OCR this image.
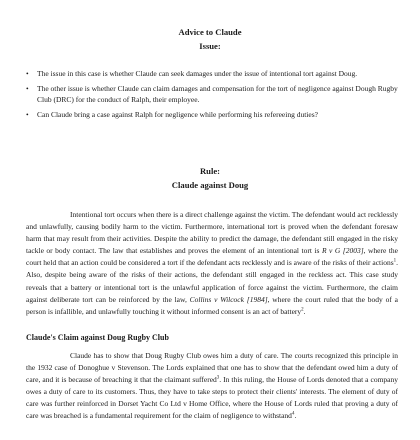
Advice to Claude
Issue:
• The issue in this case is whether Claude can seek damages under the issue of intentional tort against Doug.
• The other issue is whether Claude can claim damages and compensation for the tort of negligence against Dough Rugby Club (DRC) for the conduct of Ralph, their employee.
• Can Claude bring a case against Ralph for negligence while performing his refereeing duties?
Rule:
Claude against Doug

Intentional tort occurs when there is a direct challenge against the victim. The defendant would act recklessly and unlawfully, causing bodily harm to the victim. Furthermore, international tort is proved when the defendant foresaw harm that may result from their activities. Despite the ability to predict the damage, the defendant still engaged in the risky tackle or body contact. The law that establishes and proves the element of an intentional tort is R v G [2003], where the court held that an action could be considered a tort if the defendant acts recklessly and is aware of the risks of their actions$^1$. Also, despite being aware of the risks of their actions, the defendant still engaged in the reckless act. This case study reveals that a battery or intentional tort is the unlawful application of force against the victim. Furthermore, the claim against deliberate tort can be reinforced by the law, Collins v Wilcock [1984], where the court ruled that the body of a person is infallible, and unlawfully touching it without informed consent is an act of battery$^2$.

Claude's Claim against Doug Rugby Club

Claude has to show that Doug Rugby Club owes him a duty of care. The courts recognized this principle in the 1932 case of Donoghue v Stevenson. The Lords explained that one has to show that the defendant owed him a duty of care, and it is because of breaching it that the claimant suffered$^3$. In this ruling, the House of Lords denoted that a company owes a duty of care to its customers. Thus, they have to take steps to protect their clients' interests. The element of duty of care was further reinforced in Dorset Yacht Co Ltd v Home Office, where the House of Lords ruled that proving a duty of care was breached is a fundamental requirement for the claim of negligence to withstand$^4$.
